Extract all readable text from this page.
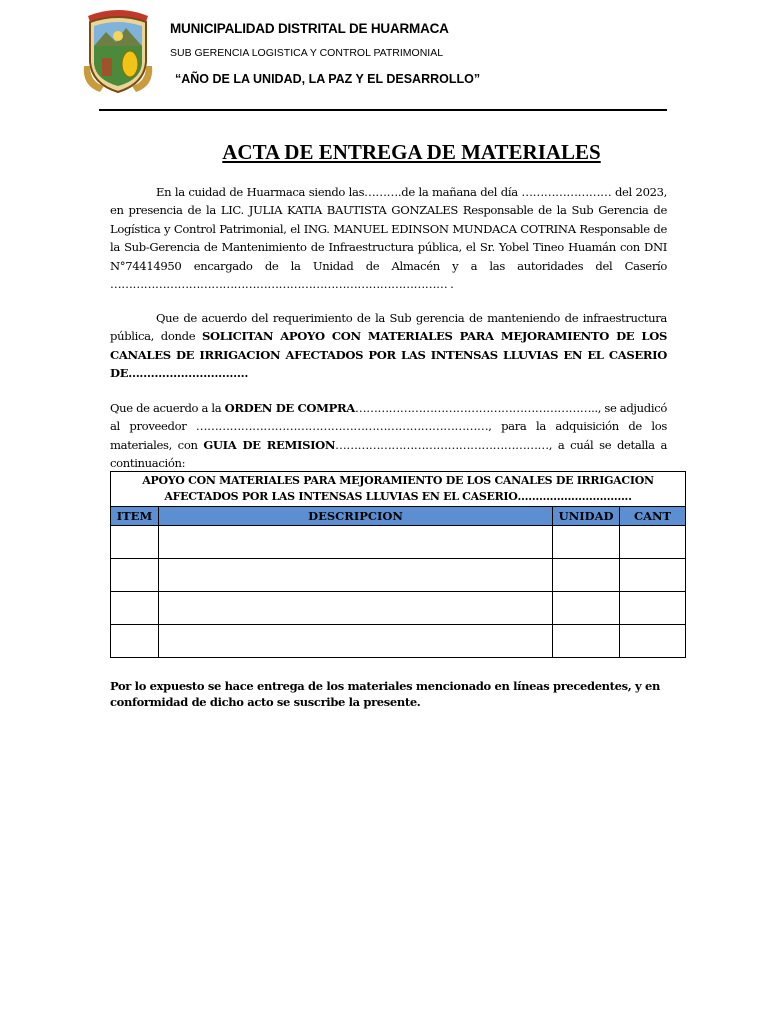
MUNICIPALIDAD DISTRITAL DE HUARMACA
SUB GERENCIA LOGISTICA Y CONTROL PATRIMONIAL
“AÑO DE LA UNIDAD, LA PAZ Y EL DESARROLLO”
ACTA DE ENTREGA DE MATERIALES
En la cuidad de Huarmaca siendo las……….de la mañana del día …………………… del 2023, en presencia de la LIC. JULIA KATIA BAUTISTA GONZALES Responsable de la Sub Gerencia de Logística y Control Patrimonial, el ING. MANUEL EDINSON MUNDACA COTRINA Responsable de la Sub-Gerencia de Mantenimiento de Infraestructura pública, el Sr. Yobel Tineo Huamán con DNI N°74414950 encargado de la Unidad de Almacén y a las autoridades del Caserío ……………………………………………………………………………… .
Que de acuerdo del requerimiento de la Sub gerencia de manteniendo de infraestructura pública, donde SOLICITAN APOYO CON MATERIALES PARA MEJORAMIENTO DE LOS CANALES DE IRRIGACION AFECTADOS POR LAS INTENSAS LLUVIAS EN EL CASERIO DE…………………………..
Que de acuerdo a la ORDEN DE COMPRA……………………………………………………….., se adjudicó al proveedor ……………………………………………………………………, para la adquisición de los materiales, con GUIA DE REMISION…………………………………………………, a cuál se detalla a continuación:
APOYO CON MATERIALES PARA MEJORAMIENTO DE LOS CANALES DE IRRIGACION AFECTADOS POR LAS INTENSAS LLUVIAS EN EL CASERIO…………………………..			
ITEM	DESCRIPCION	UNIDAD	CANT

Por lo expuesto se hace entrega de los materiales mencionado en líneas precedentes, y en conformidad de dicho acto se suscribe la presente.
